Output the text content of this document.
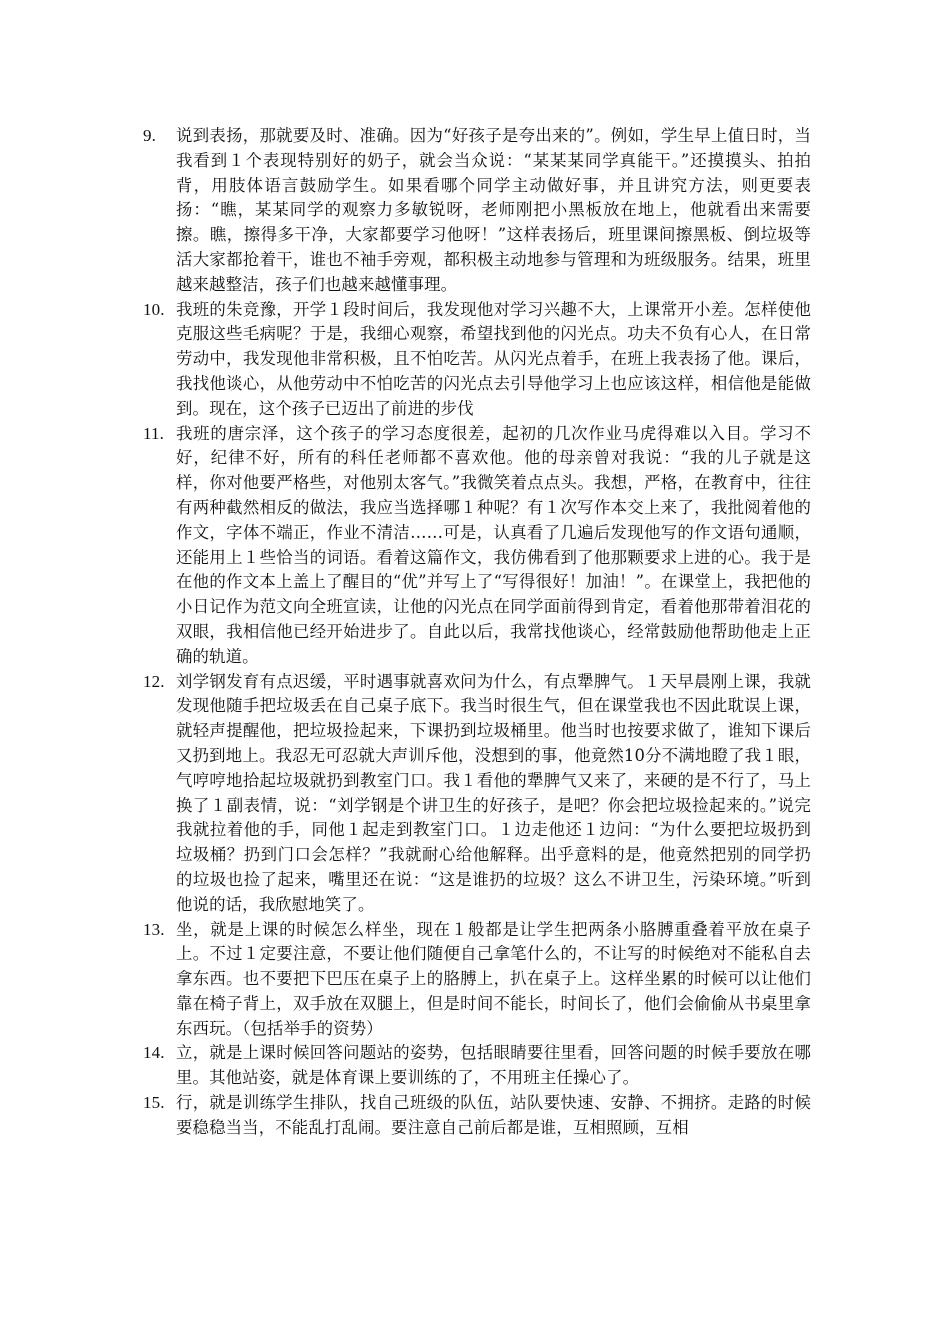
9. 说到表扬，那就要及时、准确。因为“好孩子是夸出来的”。例如，学生早上值日时，当我看到１个表现特别好的奶子，就会当众说：“某某某同学真能干。”还摸摸头、拍拍背，用肢体语言鼓励学生。如果看哪个同学主动做好事，并且讲究方法，则更要表扬：“瞧，某某同学的观察力多敏锐呀，老师刚把小黑板放在地上，他就看出来需要擦。瞧，擦得多干净，大家都要学习他呀！”这样表扬后，班里课间擦黑板、倒垃圾等活大家都抢着干，谁也不袖手旁观，都积极主动地参与管理和为班级服务。结果，班里越来越整洁，孩子们也越来越懂事理。
10. 我班的朱竞豫，开学１段时间后，我发现他对学习兴趣不大，上课常开小差。怎样使他克服这些毛病呢？于是，我细心观察，希望找到他的闪光点。功夫不负有心人，在日常劳动中，我发现他非常积极，且不怕吃苦。从闪光点着手，在班上我表扬了他。课后，我找他谈心，从他劳动中不怕吃苦的闪光点去引导他学习上也应该这样，相信他是能做到。现在，这个孩子已迈出了前进的步伐
11. 我班的唐宗泽，这个孩子的学习态度很差，起初的几次作业马虎得难以入目。学习不好，纪律不好，所有的科任老师都不喜欢他。他的母亲曾对我说：“我的儿子就是这样，你对他要严格些，对他别太客气。”我微笑着点点头。我想，严格，在教育中，往往有两种截然相反的做法，我应当选择哪１种呢？有１次写作本交上来了，我批阅着他的作文，字体不端正，作业不清洁……可是，认真看了几遍后发现他写的作文语句通顺，还能用上１些恰当的词语。看着这篇作文，我仿佛看到了他那颗要求上进的心。我于是在他的作文本上盖上了醒目的“优”并写上了“写得很好！加油！”。在课堂上，我把他的小日记作为范文向全班宣读，让他的闪光点在同学面前得到肯定，看着他那带着泪花的双眼，我相信他已经开始进步了。自此以后，我常找他谈心，经常鼓励他帮助他走上正确的轨道。
12. 刘学钢发育有点迟缓，平时遇事就喜欢问为什么，有点犟脾气。１天早晨刚上课，我就发现他随手把垃圾丢在自己桌子底下。我当时很生气，但在课堂我也不因此耽误上课，就轻声提醒他，把垃圾捡起来，下课扔到垃圾桶里。他当时也按要求做了，谁知下课后又扔到地上。我忍无可忍就大声训斥他，没想到的事，他竟然10分不满地瞪了我１眼，气哼哼地拾起垃圾就扔到教室门口。我１看他的犟脾气又来了，来硬的是不行了，马上换了１副表情，说：“刘学钢是个讲卫生的好孩子，是吧？你会把垃圾捡起来的。”说完我就拉着他的手，同他１起走到教室门口。１边走他还１边问：“为什么要把垃圾扔到垃圾桶？扔到门口会怎样？”我就耐心给他解释。出乎意料的是，他竟然把别的同学扔的垃圾也捡了起来，嘴里还在说：“这是谁扔的垃圾？这么不讲卫生，污染环境。”听到他说的话，我欣慰地笑了。
13. 坐，就是上课的时候怎么样坐，现在１般都是让学生把两条小胳膊重叠着平放在桌子上。不过１定要注意，不要让他们随便自己拿笔什么的，不让写的时候绝对不能私自去拿东西。也不要把下巴压在桌子上的胳膊上，扒在桌子上。这样坐累的时候可以让他们靠在椅子背上，双手放在双腿上，但是时间不能长，时间长了，他们会偷偷从书桌里拿东西玩。（包括举手的资势）
14. 立，就是上课时候回答问题站的姿势，包括眼睛要往里看，回答问题的时候手要放在哪里。其他站姿，就是体育课上要训练的了，不用班主任操心了。
15. 行，就是训练学生排队，找自己班级的队伍，站队要快速、安静、不拥挤。走路的时候要稳稳当当，不能乱打乱闹。要注意自己前后都是谁，互相照顾，互相
